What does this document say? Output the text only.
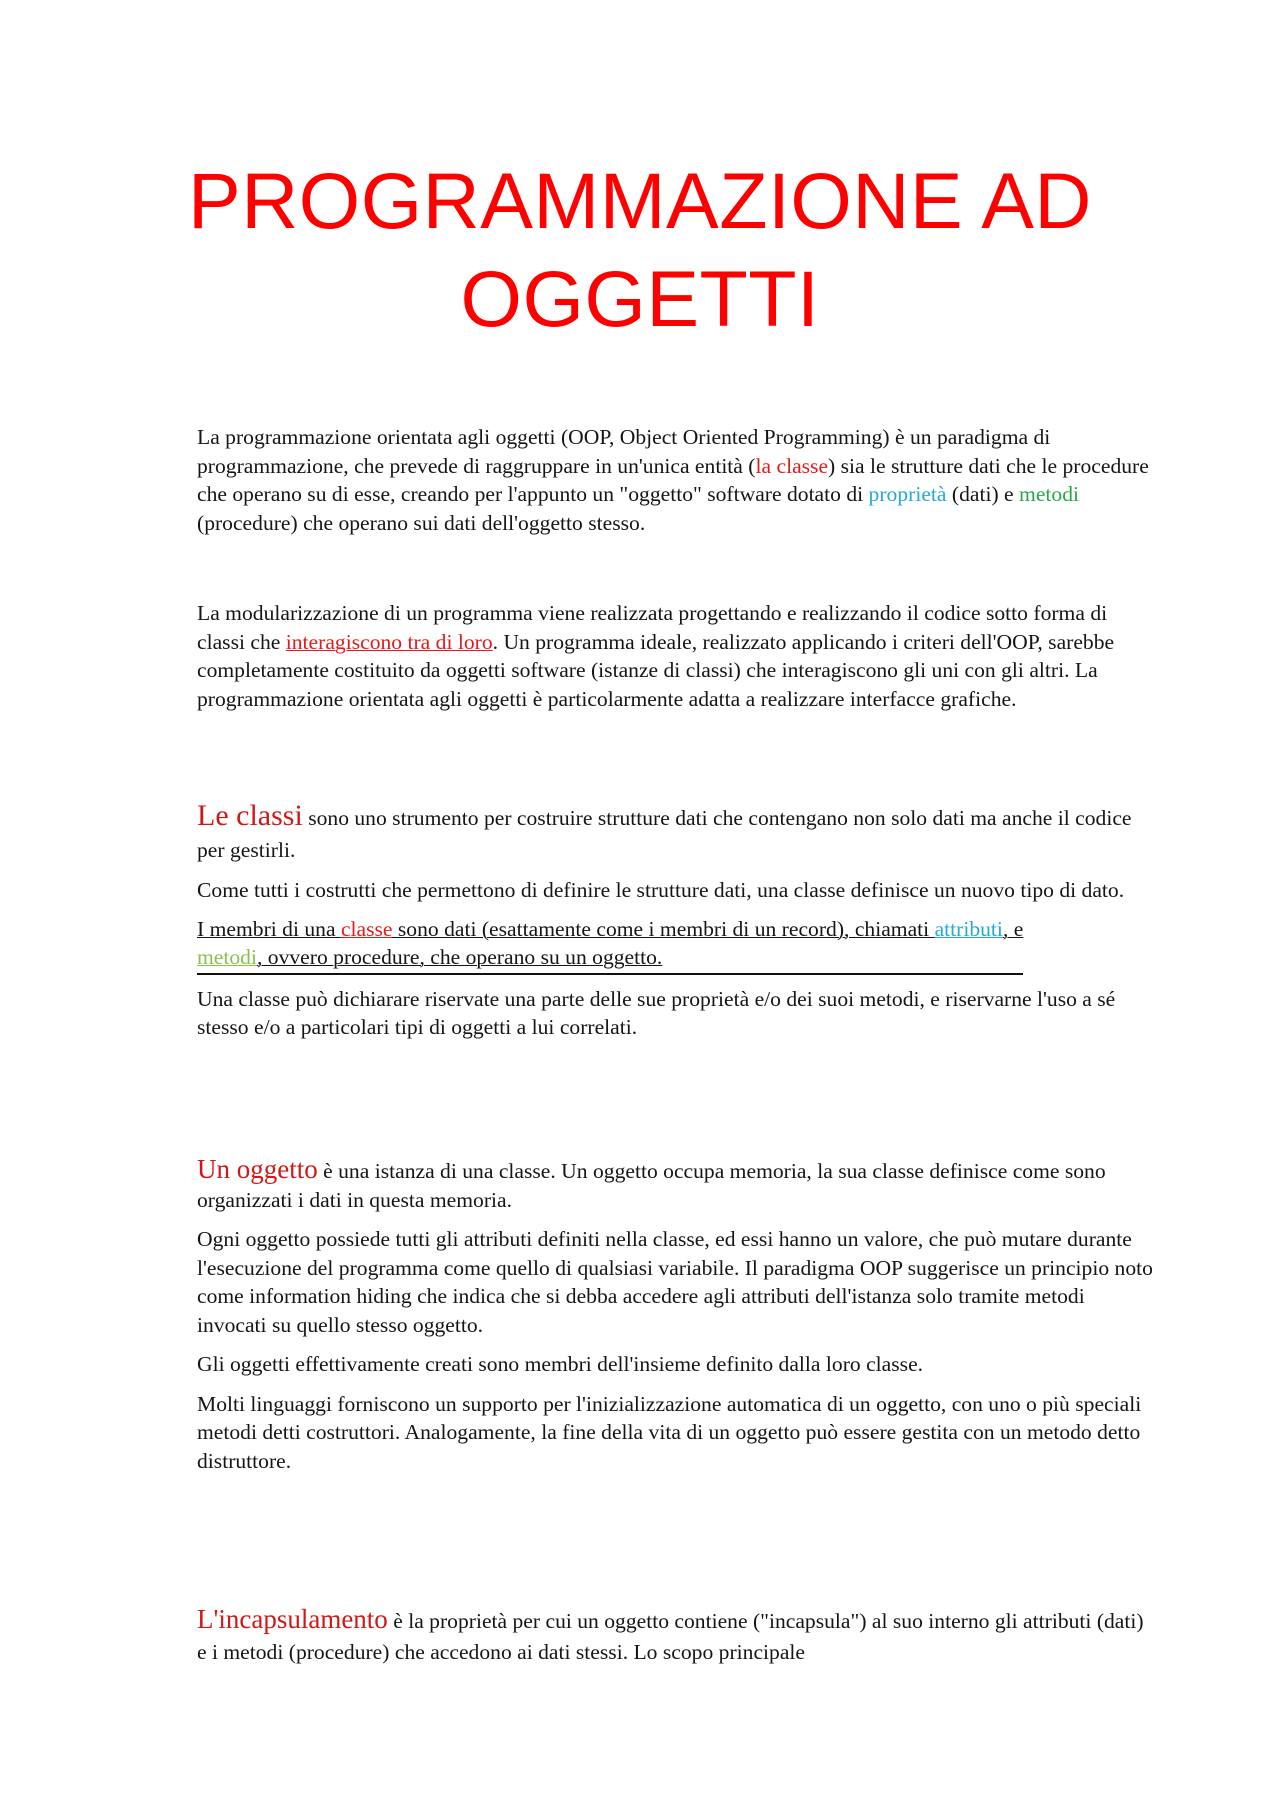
PROGRAMMAZIONE AD
OGGETTI

La programmazione orientata agli oggetti (OOP, Object Oriented Programming) è un paradigma di programmazione, che prevede di raggruppare in un'unica entità (la classe) sia le strutture dati che le procedure che operano su di esse, creando per l'appunto un "oggetto" software dotato di proprietà (dati) e metodi (procedure) che operano sui dati dell'oggetto stesso.

La modularizzazione di un programma viene realizzata progettando e realizzando il codice sotto forma di classi che interagiscono tra di loro. Un programma ideale, realizzato applicando i criteri dell'OOP, sarebbe completamente costituito da oggetti software (istanze di classi) che interagiscono gli uni con gli altri. La programmazione orientata agli oggetti è particolarmente adatta a realizzare interfacce grafiche.

Le classi sono uno strumento per costruire strutture dati che contengano non solo dati ma anche il codice per gestirli.

Come tutti i costrutti che permettono di definire le strutture dati, una classe definisce un nuovo tipo di dato.

I membri di una classe sono dati (esattamente come i membri di un record), chiamati attributi, e
metodi, ovvero procedure, che operano su un oggetto.

Una classe può dichiarare riservate una parte delle sue proprietà e/o dei suoi metodi, e riservarne l'uso a sé stesso e/o a particolari tipi di oggetti a lui correlati.

Un oggetto è una istanza di una classe. Un oggetto occupa memoria, la sua classe definisce come sono organizzati i dati in questa memoria.

Ogni oggetto possiede tutti gli attributi definiti nella classe, ed essi hanno un valore, che può mutare durante l'esecuzione del programma come quello di qualsiasi variabile. Il paradigma OOP suggerisce un principio noto come information hiding che indica che si debba accedere agli attributi dell'istanza solo tramite metodi invocati su quello stesso oggetto.

Gli oggetti effettivamente creati sono membri dell'insieme definito dalla loro classe.

Molti linguaggi forniscono un supporto per l'inizializzazione automatica di un oggetto, con uno o più speciali metodi detti costruttori. Analogamente, la fine della vita di un oggetto può essere gestita con un metodo detto distruttore.

L'incapsulamento è la proprietà per cui un oggetto contiene ("incapsula") al suo interno gli attributi (dati) e i metodi (procedure) che accedono ai dati stessi. Lo scopo principale
